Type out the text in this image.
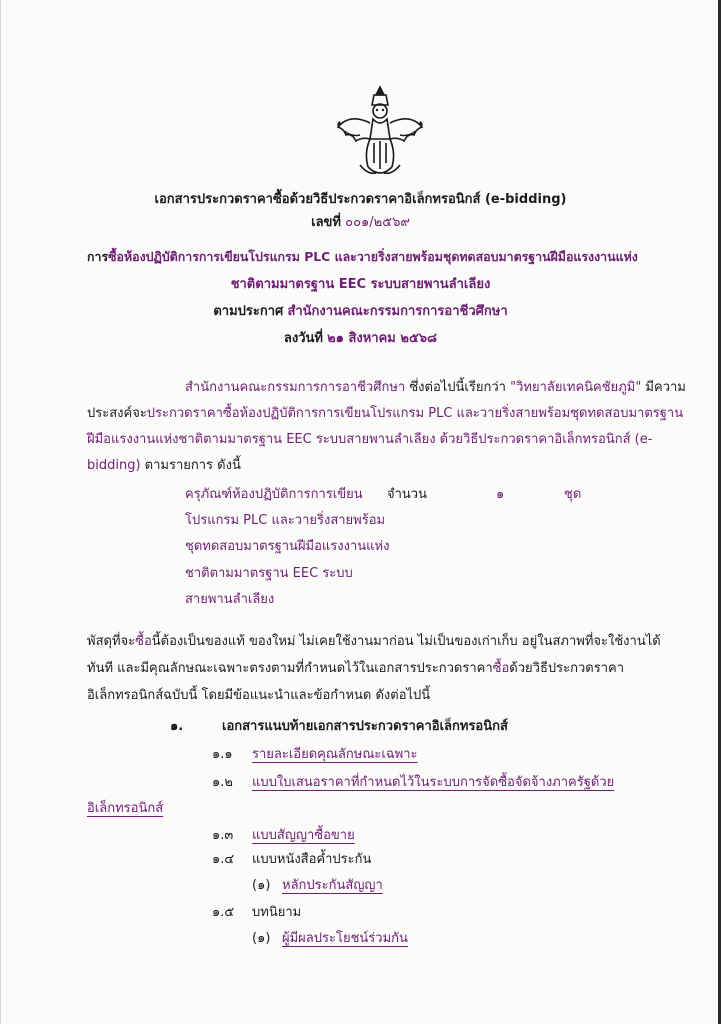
เอกสารประกวดราคาซื้อด้วยวิธีประกวดราคาอิเล็กทรอนิกส์ (e-bidding)
เลขที่ ๐๐๑/๒๕๖๙
การซื้อห้องปฏิบัติการการเขียนโปรแกรม PLC และวายริ่งสายพร้อมชุดทดสอบมาตรฐานฝีมือแรงงานแห่ง
ชาติตามมาตรฐาน EEC ระบบสายพานลำเลียง
ตามประกาศ สำนักงานคณะกรรมการการอาชีวศึกษา
ลงวันที่ ๒๑ สิงหาคม ๒๕๖๘
สำนักงานคณะกรรมการการอาชีวศึกษา ซึ่งต่อไปนี้เรียกว่า "วิทยาลัยเทคนิคชัยภูมิ" มีความ
ประสงค์จะประกวดราคาซื้อห้องปฏิบัติการการเขียนโปรแกรม PLC และวายริ่งสายพร้อมชุดทดสอบมาตรฐาน
ฝีมือแรงงานแห่งชาติตามมาตรฐาน EEC ระบบสายพานลำเลียง ด้วยวิธีประกวดราคาอิเล็กทรอนิกส์ (e-
bidding) ตามรายการ ดังนี้
ครุภัณฑ์ห้องปฏิบัติการการเขียน
โปรแกรม PLC และวายริ่งสายพร้อม
ชุดทดสอบมาตรฐานฝีมือแรงงานแห่ง
ชาติตามมาตรฐาน EEC ระบบ
สายพานลำเลียง
จำนวน	๑	ชุด
พัสดุที่จะซื้อนี้ต้องเป็นของแท้ ของใหม่ ไม่เคยใช้งานมาก่อน ไม่เป็นของเก่าเก็บ อยู่ในสภาพที่จะใช้งานได้
ทันที และมีคุณลักษณะเฉพาะตรงตามที่กำหนดไว้ในเอกสารประกวดราคาซื้อด้วยวิธีประกวดราคา
อิเล็กทรอนิกส์ฉบับนี้ โดยมีข้อแนะนำและข้อกำหนด ดังต่อไปนี้
๑.	เอกสารแนบท้ายเอกสารประกวดราคาอิเล็กทรอนิกส์
๑.๑ รายละเอียดคุณลักษณะเฉพาะ
๑.๒ แบบใบเสนอราคาที่กำหนดไว้ในระบบการจัดซื้อจัดจ้างภาครัฐด้วย
อิเล็กทรอนิกส์
๑.๓ แบบสัญญาซื้อขาย
๑.๔ แบบหนังสือค้ำประกัน
(๑) หลักประกันสัญญา
๑.๕ บทนิยาม
(๑) ผู้มีผลประโยชน์ร่วมกัน
